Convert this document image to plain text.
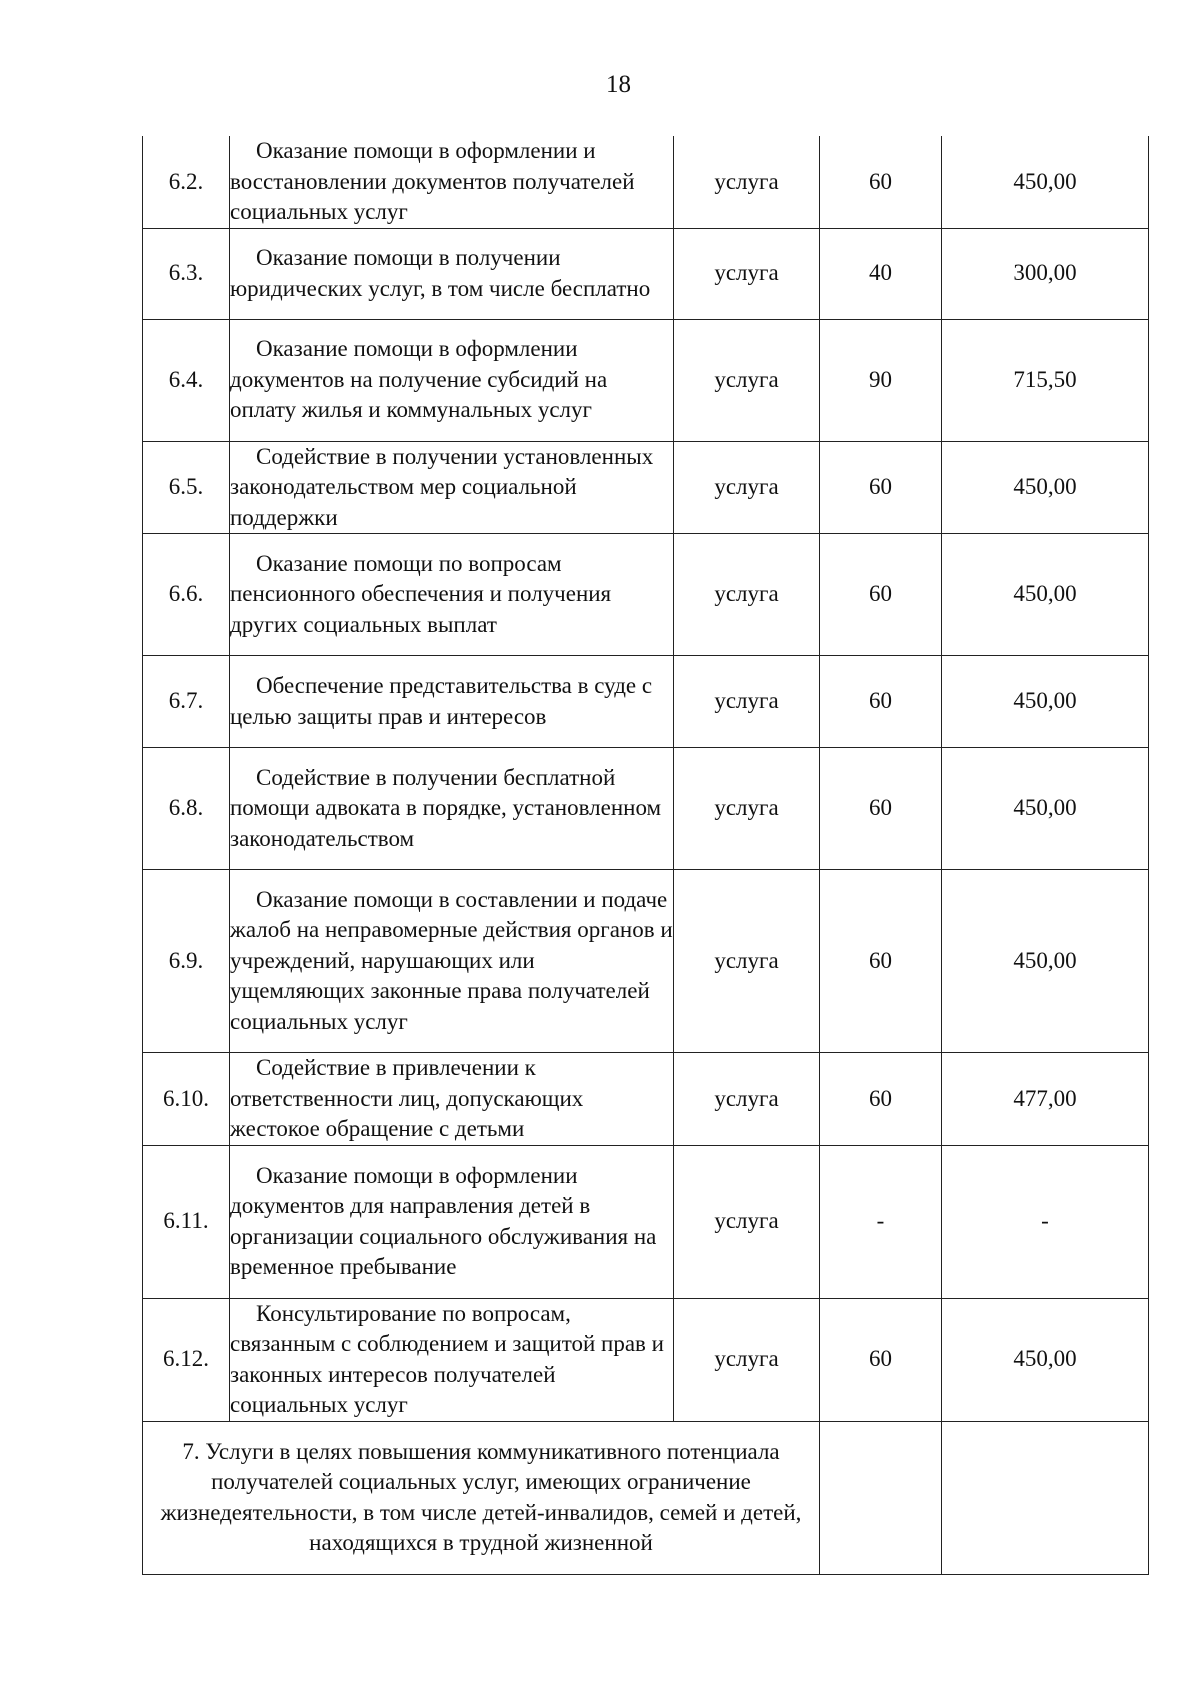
18
6.2.	Оказание помощи в оформлении и восстановлении документов получателей социальных услуг	услуга	60	450,00
6.3.	Оказание помощи в получении юридических услуг, в том числе бесплатно	услуга	40	300,00
6.4.	Оказание помощи в оформлении документов на получение субсидий на оплату жилья и коммунальных услуг	услуга	90	715,50
6.5.	Содействие в получении установленных законодательством мер социальной поддержки	услуга	60	450,00
6.6.	Оказание помощи по вопросам пенсионного обеспечения и получения других социальных выплат	услуга	60	450,00
6.7.	Обеспечение представительства в суде с целью защиты прав и интересов	услуга	60	450,00
6.8.	Содействие в получении бесплатной помощи адвоката в порядке, установленном законодательством	услуга	60	450,00
6.9.	Оказание помощи в составлении и подаче жалоб на неправомерные действия органов и учреждений, нарушающих или ущемляющих законные права получателей социальных услуг	услуга	60	450,00
6.10.	Содействие в привлечении к ответственности лиц, допускающих жестокое обращение с детьми	услуга	60	477,00
6.11.	Оказание помощи в оформлении документов для направления детей в организации социального обслуживания на временное пребывание	услуга	-	-
6.12.	Консультирование по вопросам, связанным с соблюдением и защитой прав и законных интересов получателей социальных услуг	услуга	60	450,00
7. Услуги в целях повышения коммуникативного потенциала получателей социальных услуг, имеющих ограничение жизнедеятельности, в том числе детей-инвалидов, семей и детей, находящихся в трудной жизненной				
